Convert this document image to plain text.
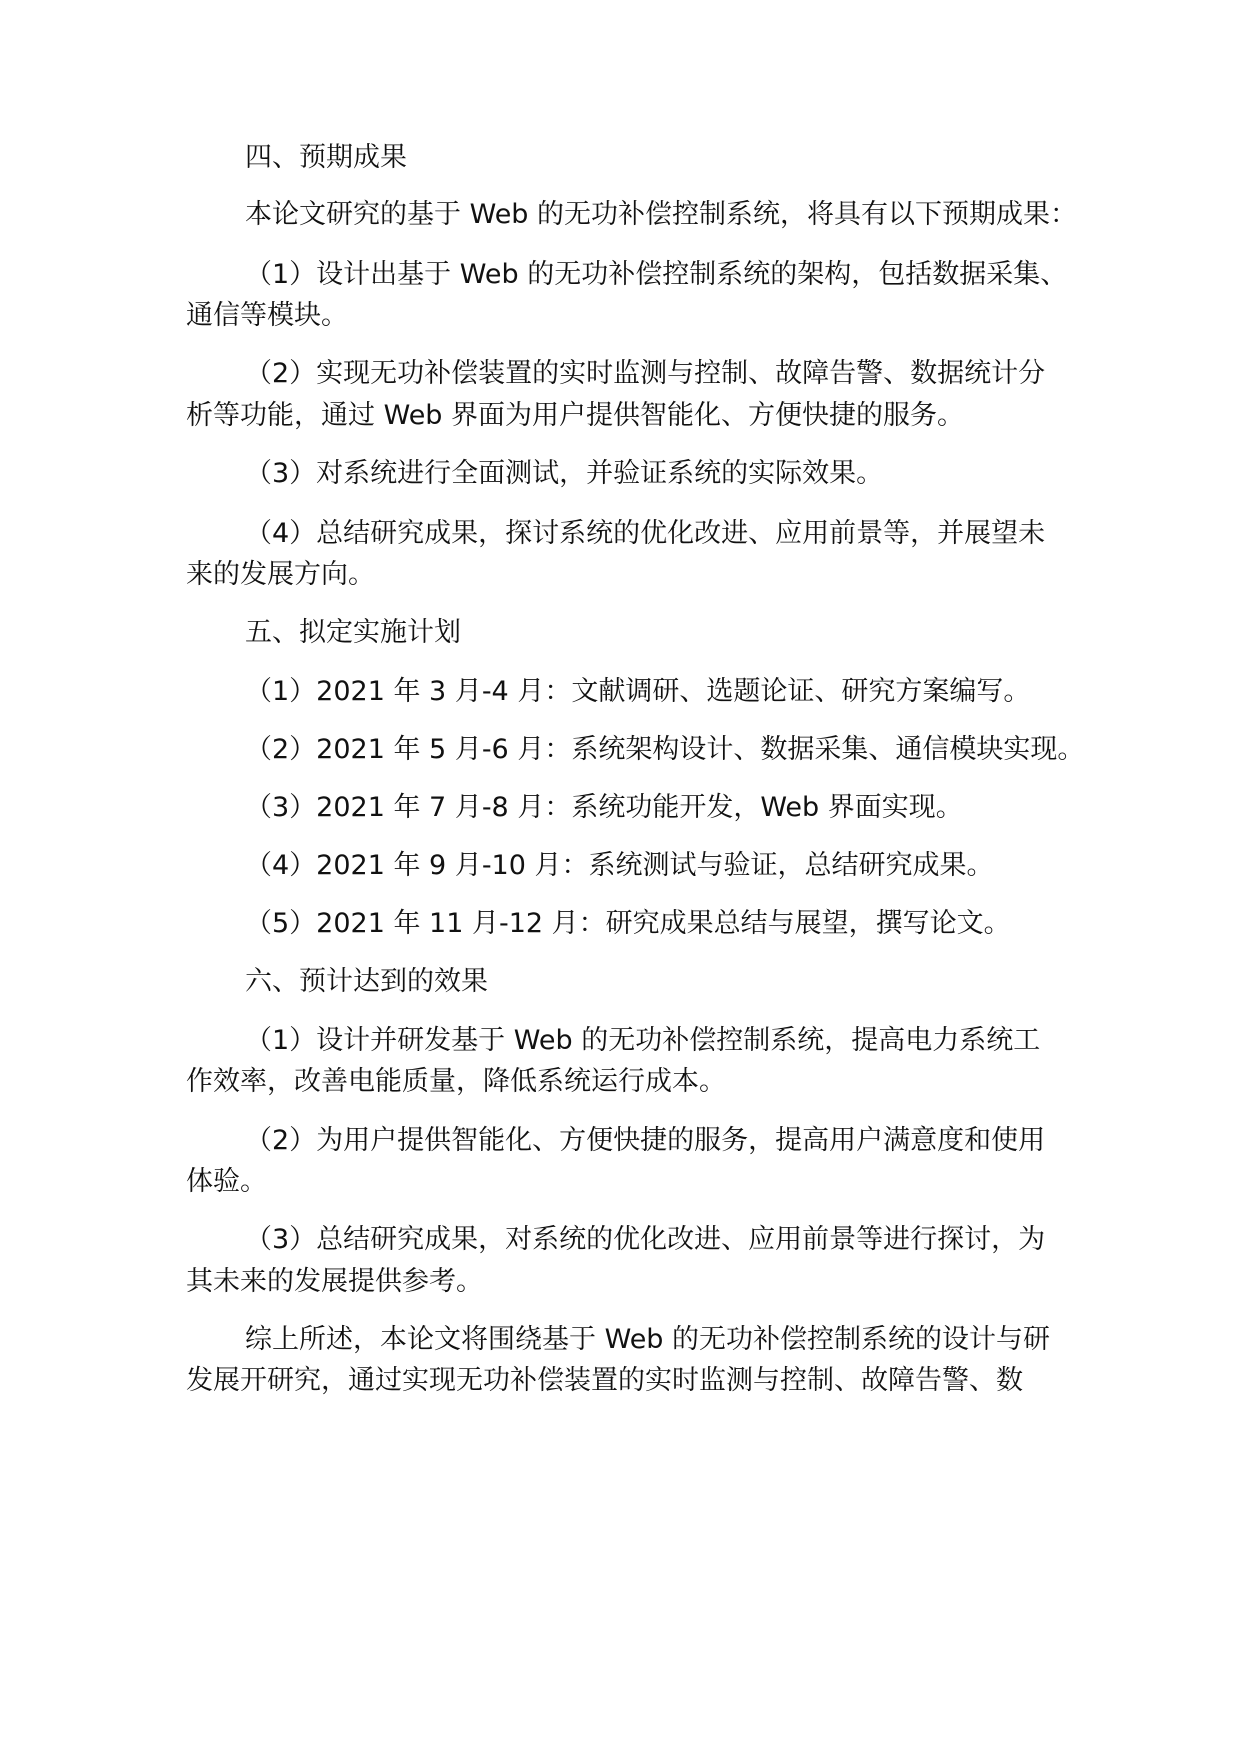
四、预期成果
本论文研究的基于 Web 的无功补偿控制系统，将具有以下预期成果：
（1）设计出基于 Web 的无功补偿控制系统的架构，包括数据采集、
通信等模块。
（2）实现无功补偿装置的实时监测与控制、故障告警、数据统计分
析等功能，通过 Web 界面为用户提供智能化、方便快捷的服务。
（3）对系统进行全面测试，并验证系统的实际效果。
（4）总结研究成果，探讨系统的优化改进、应用前景等，并展望未
来的发展方向。
五、拟定实施计划
（1）2021 年 3 月-4 月：文献调研、选题论证、研究方案编写。
（2）2021 年 5 月-6 月：系统架构设计、数据采集、通信模块实现。
（3）2021 年 7 月-8 月：系统功能开发，Web 界面实现。
（4）2021 年 9 月-10 月：系统测试与验证，总结研究成果。
（5）2021 年 11 月-12 月：研究成果总结与展望，撰写论文。
六、预计达到的效果
（1）设计并研发基于 Web 的无功补偿控制系统，提高电力系统工
作效率，改善电能质量，降低系统运行成本。
（2）为用户提供智能化、方便快捷的服务，提高用户满意度和使用
体验。
（3）总结研究成果，对系统的优化改进、应用前景等进行探讨，为
其未来的发展提供参考。
综上所述，本论文将围绕基于 Web 的无功补偿控制系统的设计与研
发展开研究，通过实现无功补偿装置的实时监测与控制、故障告警、数
